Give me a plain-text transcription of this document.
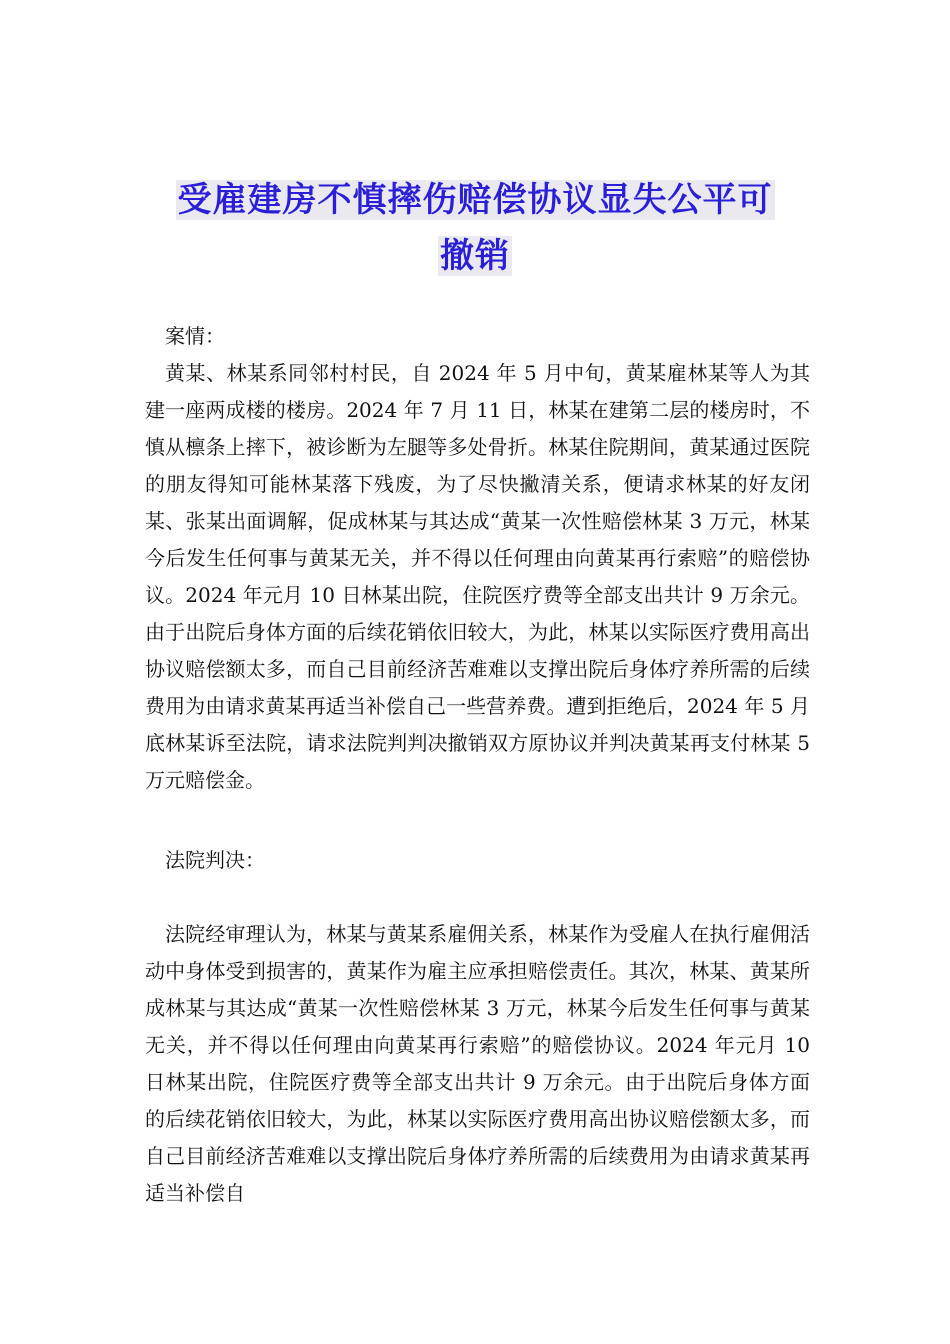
受雇建房不慎摔伤赔偿协议显失公平可
撤销
案情：
黄某、林某系同邻村村民，自 2024 年 5 月中旬，黄某雇林某等人为其建一座两成楼的楼房。2024 年 7 月 11 日，林某在建第二层的楼房时，不慎从檩条上摔下，被诊断为左腿等多处骨折。林某住院期间，黄某通过医院的朋友得知可能林某落下残废，为了尽快撇清关系，便请求林某的好友闭某、张某出面调解，促成林某与其达成“黄某一次性赔偿林某 3 万元，林某今后发生任何事与黄某无关，并不得以任何理由向黄某再行索赔”的赔偿协议。2024 年元月 10 日林某出院，住院医疗费等全部支出共计 9 万余元。由于出院后身体方面的后续花销依旧较大，为此，林某以实际医疗费用高出协议赔偿额太多，而自己目前经济苦难难以支撑出院后身体疗养所需的后续费用为由请求黄某再适当补偿自己一些营养费。遭到拒绝后，2024 年 5 月底林某诉至法院，请求法院判判决撤销双方原协议并判决黄某再支付林某 5 万元赔偿金。
法院判决：
法院经审理认为，林某与黄某系雇佣关系，林某作为受雇人在执行雇佣活动中身体受到损害的，黄某作为雇主应承担赔偿责任。其次，林某、黄某所成林某与其达成“黄某一次性赔偿林某 3 万元，林某今后发生任何事与黄某无关，并不得以任何理由向黄某再行索赔”的赔偿协议。2024 年元月 10 日林某出院，住院医疗费等全部支出共计 9 万余元。由于出院后身体方面的后续花销依旧较大，为此，林某以实际医疗费用高出协议赔偿额太多，而自己目前经济苦难难以支撑出院后身体疗养所需的后续费用为由请求黄某再适当补偿自
